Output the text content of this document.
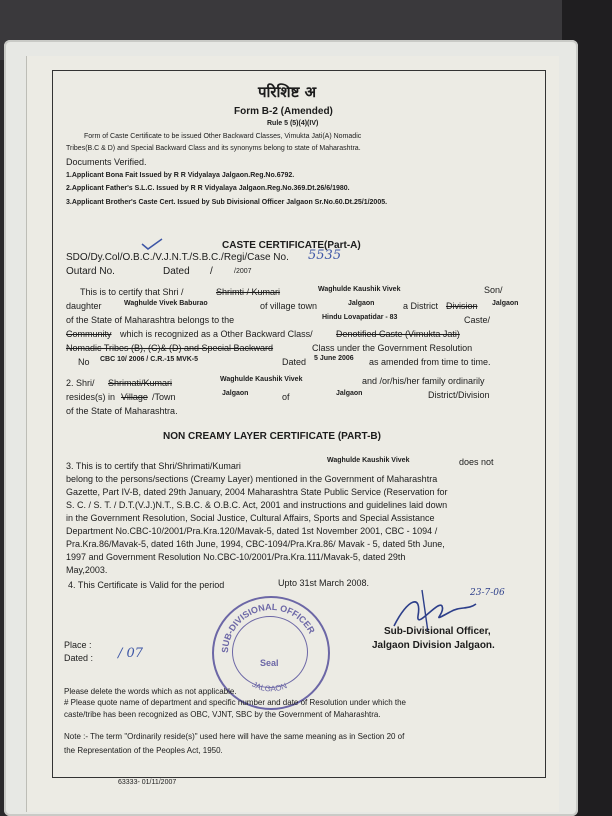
परिशिष्ट अ
Form B-2 (Amended)
Rule 5 (5)(4)(IV)
Form of Caste Certificate to be issued Other Backward Classes, Vimukta Jati(A) Nomadic
Tribes(B.C & D) and Special Backward Class and its synonyms belong to state of Maharashtra.
Documents Verified.
1.Applicant Bona Fait Issued by R R Vidyalaya Jalgaon.Reg.No.6792.
2.Applicant Father's S.L.C. Issued by R R Vidyalaya Jalgaon.Reg.No.369.Dt.26/6/1980.
3.Applicant Brother's Caste Cert. Issued by Sub Divisional Officer Jalgaon Sr.No.60.Dt.25/1/2005.
CASTE CERTIFICATE(Part-A)
SDO/Dy.Col/O.B.C./V.J.N.T./S.B.C./Regi/Case No. 5535
Outard No.	Dated /	/2007
This is to certify that Shri /	Shrimti / Kumari	Waghulde Kaushik Vivek	Son/
daughter	Waghulde Vivek Baburao	of village town	Jalgaon	a District Division Jalgaon
of the State of Maharashtra belongs to the	Hindu Lovapatidar - 83	Caste/
Community which is recognized as a Other Backward Class/	Denotified Caste (Vimukta Jati)
Nomadic Tribes (B), (C)& (D) and Special Backward	Class under the Government Resolution
No CBC 10/ 2006 / C.R.-15 MVK-5	Dated 5 June 2006 as amended from time to time.
2. Shri/ Shrimati/Kumari	Waghulde Kaushik Vivek	and /or/his/her family ordinarily
resides(s) in Village /Town	Jalgaon	of	Jalgaon	District/Division
of the State of Maharashtra.
NON CREAMY LAYER CERTIFICATE (PART-B)
3. This is to certify that Shri/Shrimati/Kumari
Waghulde Kaushik Vivek	does not
belong to the persons/sections (Creamy Layer) mentioned in the Government of Maharashtra
Gazette, Part IV-B, dated 29th January, 2004 Maharashtra State Public Service (Reservation for
S. C. / S. T. / D.T.(V.J.)N.T., S.B.C. & O.B.C. Act, 2001 and instructions and guidelines laid down
in the Government Resolution, Social Justice, Cultural Affairs, Sports and Special Assistance
Department No.CBC-10/2001/Pra.Kra.120/Mavak-5, dated 1st November 2001, CBC - 1094 /
Pra.Kra.86/Mavak-5, dated 16th June, 1994, CBC-1094/Pra.Kra.86/ Mavak - 5, dated 5th June,
1997 and Government Resolution No.CBC-10/2001/Pra.Kra.111/Mavak-5, dated 29th
May,2003.
4. This Certificate is Valid for the period	Upto 31st March 2008.
SUB-DIVISIONAL OFFICER
JALGAON
Seal
Place :
Dated : / 07
23-7-06
Sub-Divisional Officer,
Jalgaon Division Jalgaon.
Please delete the words which as not applicable.
# Please quote name of department and specific number and date of Resolution under which the
caste/tribe has been recognized as OBC, VJNT, SBC by the Government of Maharashtra.
Note :- The term "Ordinarily reside(s)" used here will have the same meaning as in Section 20 of
the Representation of the Peoples Act, 1950.
63333- 01/11/2007
